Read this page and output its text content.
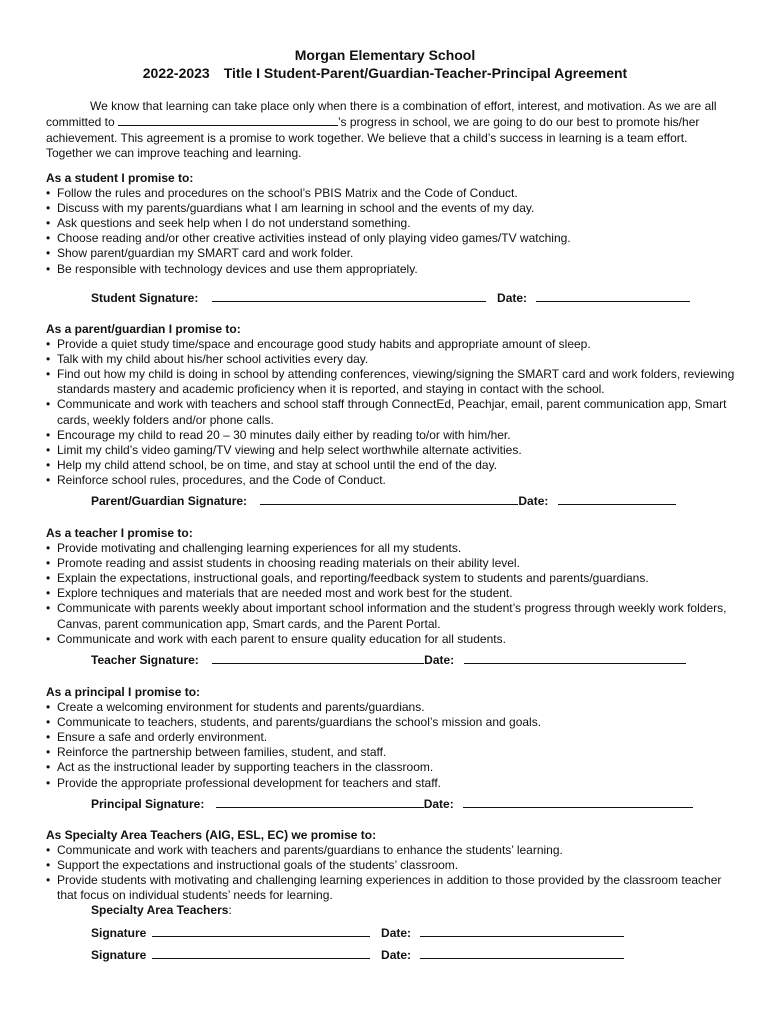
Morgan Elementary School
2022-2023 Title I Student-Parent/Guardian-Teacher-Principal Agreement

We know that learning can take place only when there is a combination of effort, interest, and motivation. As we are all committed to	’s progress in school, we are going to do our best to promote his/her achievement. This agreement is a promise to work together. We believe that a child’s success in learning is a team effort. Together we can improve teaching and learning.

As a student I promise to:
• Follow the rules and procedures on the school’s PBIS Matrix and the Code of Conduct.
• Discuss with my parents/guardians what I am learning in school and the events of my day.
• Ask questions and seek help when I do not understand something.
• Choose reading and/or other creative activities instead of only playing video games/TV watching.
• Show parent/guardian my SMART card and work folder.
• Be responsible with technology devices and use them appropriately.
Student Signature:	Date:
As a parent/guardian I promise to:
• Provide a quiet study time/space and encourage good study habits and appropriate amount of sleep.
• Talk with my child about his/her school activities every day.
• Find out how my child is doing in school by attending conferences, viewing/signing the SMART card and work folders, reviewing standards mastery and academic proficiency when it is reported, and staying in contact with the school.
• Communicate and work with teachers and school staff through ConnectEd, Peachjar, email, parent communication app, Smart cards, weekly folders and/or phone calls.
• Encourage my child to read 20 – 30 minutes daily either by reading to/or with him/her.
• Limit my child’s video gaming/TV viewing and help select worthwhile alternate activities.
• Help my child attend school, be on time, and stay at school until the end of the day.
• Reinforce school rules, procedures, and the Code of Conduct.
Parent/Guardian Signature:	Date:
As a teacher I promise to:
• Provide motivating and challenging learning experiences for all my students.
• Promote reading and assist students in choosing reading materials on their ability level.
• Explain the expectations, instructional goals, and reporting/feedback system to students and parents/guardians.
• Explore techniques and materials that are needed most and work best for the student.
• Communicate with parents weekly about important school information and the student’s progress through weekly work folders, Canvas, parent communication app, Smart cards, and the Parent Portal.
• Communicate and work with each parent to ensure quality education for all students.
Teacher Signature:	Date:
As a principal I promise to:
• Create a welcoming environment for students and parents/guardians.
• Communicate to teachers, students, and parents/guardians the school’s mission and goals.
• Ensure a safe and orderly environment.
• Reinforce the partnership between families, student, and staff.
• Act as the instructional leader by supporting teachers in the classroom.
• Provide the appropriate professional development for teachers and staff.
Principal Signature:	Date:
As Specialty Area Teachers (AIG, ESL, EC) we promise to:
• Communicate and work with teachers and parents/guardians to enhance the students’ learning.
• Support the expectations and instructional goals of the students’ classroom.
• Provide students with motivating and challenging learning experiences in addition to those provided by the classroom teacher that focus on individual students’ needs for learning.
Specialty Area Teachers:
Signature	Date:
Signature	Date:
